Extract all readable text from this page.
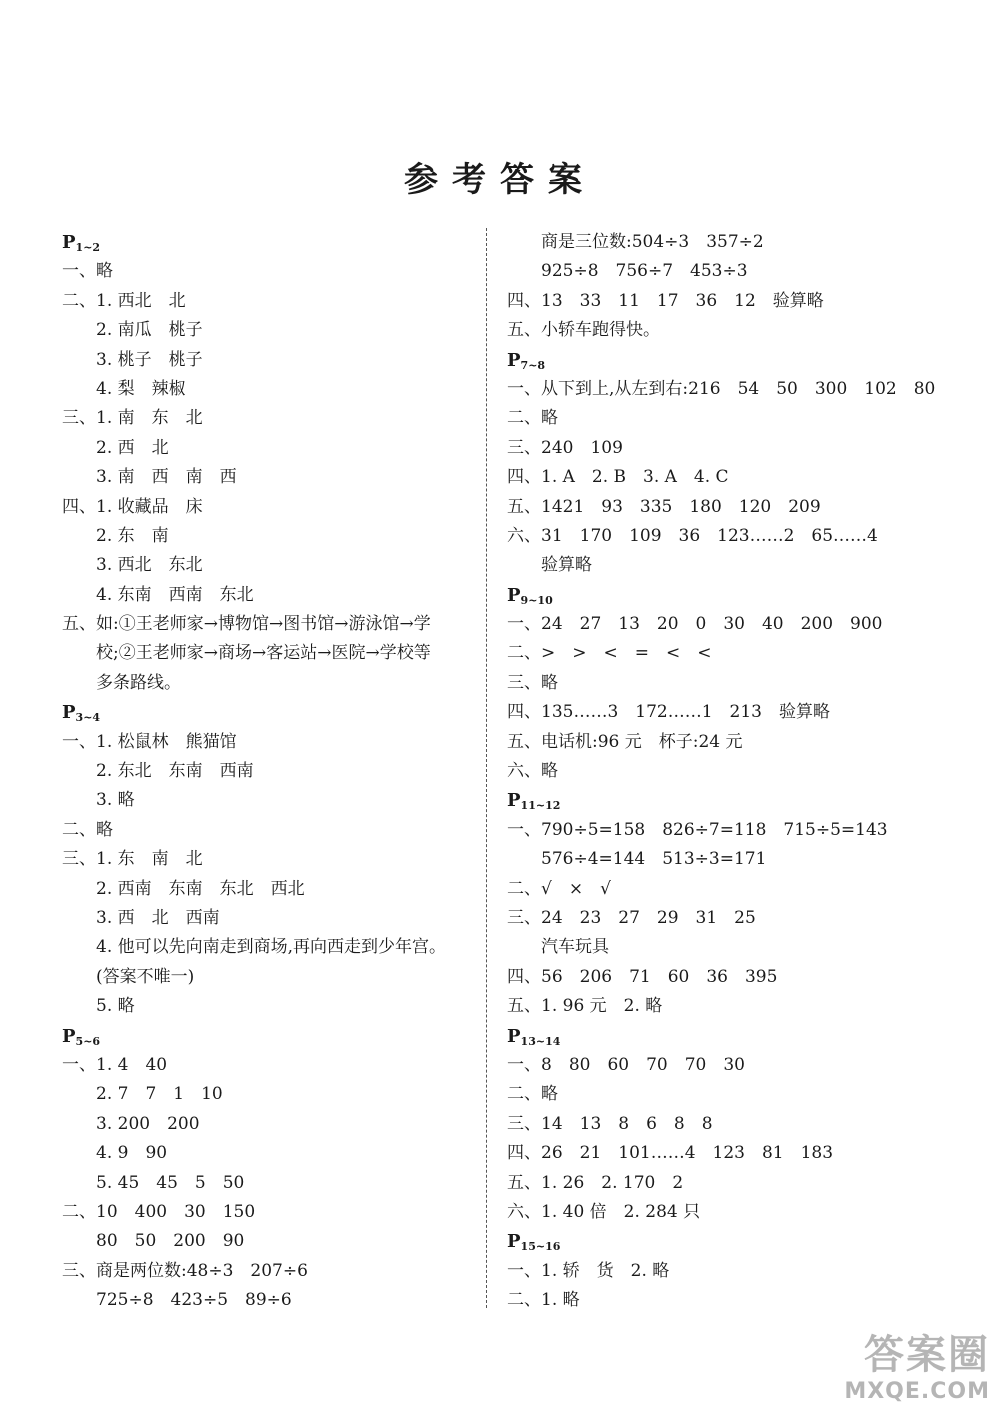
参考答案
$P_{1\sim 2}$
一、略
二、1. 西北　北
　　2. 南瓜　桃子
　　3. 桃子　桃子
　　4. 梨　辣椒
三、1. 南　东　北
　　2. 西　北
　　3. 南　西　南　西
四、1. 收藏品　床
　　2. 东　南
　　3. 西北　东北
　　4. 东南　西南　东北
五、如:①王老师家→博物馆→图书馆→游泳馆→学
　　校;②王老师家→商场→客运站→医院→学校等
　　多条路线。
$P_{3\sim 4}$
一、1. 松鼠林　熊猫馆
　　2. 东北　东南　西南
　　3. 略
二、略
三、1. 东　南　北
　　2. 西南　东南　东北　西北
　　3. 西　北　西南
　　4. 他可以先向南走到商场,再向西走到少年宫。
　　(答案不唯一)
　　5. 略
$P_{5\sim 6}$
一、1. 4　40
　　2. 7　7　1　10
　　3. 200　200
　　4. 9　90
　　5. 45　45　5　50
二、10　400　30　150
　　80　50　200　90
三、商是两位数:48÷3　207÷6
　　725÷8　423÷5　89÷6
　　商是三位数:504÷3　357÷2
　　925÷8　756÷7　453÷3
四、13　33　11　17　36　12　验算略
五、小轿车跑得快。
$P_{7\sim 8}$
一、从下到上,从左到右:216　54　50　300　102　80
二、略
三、240　109
四、1. A　2. B　3. A　4. C
五、1421　93　335　180　120　209
六、31　170　109　36　123……2　65……4
　　验算略
$P_{9\sim 10}$
一、24　27　13　20　0　30　40　200　900
二、>　>　<　=　<　<
三、略
四、135……3　172……1　213　验算略
五、电话机:96 元　杯子:24 元
六、略
$P_{11\sim 12}$
一、790÷5=158　826÷7=118　715÷5=143
　　576÷4=144　513÷3=171
二、√　×　√
三、24　23　27　29　31　25
　　汽车玩具
四、56　206　71　60　36　395
五、1. 96 元　2. 略
$P_{13\sim 14}$
一、8　80　60　70　70　30
二、略
三、14　13　8　6　8　8
四、26　21　101……4　123　81　183
五、1. 26　2. 170　2
六、1. 40 倍　2. 284 只
$P_{15\sim 16}$
一、1. 轿　货　2. 略
二、1. 略
答案圈
MXQE.COM
